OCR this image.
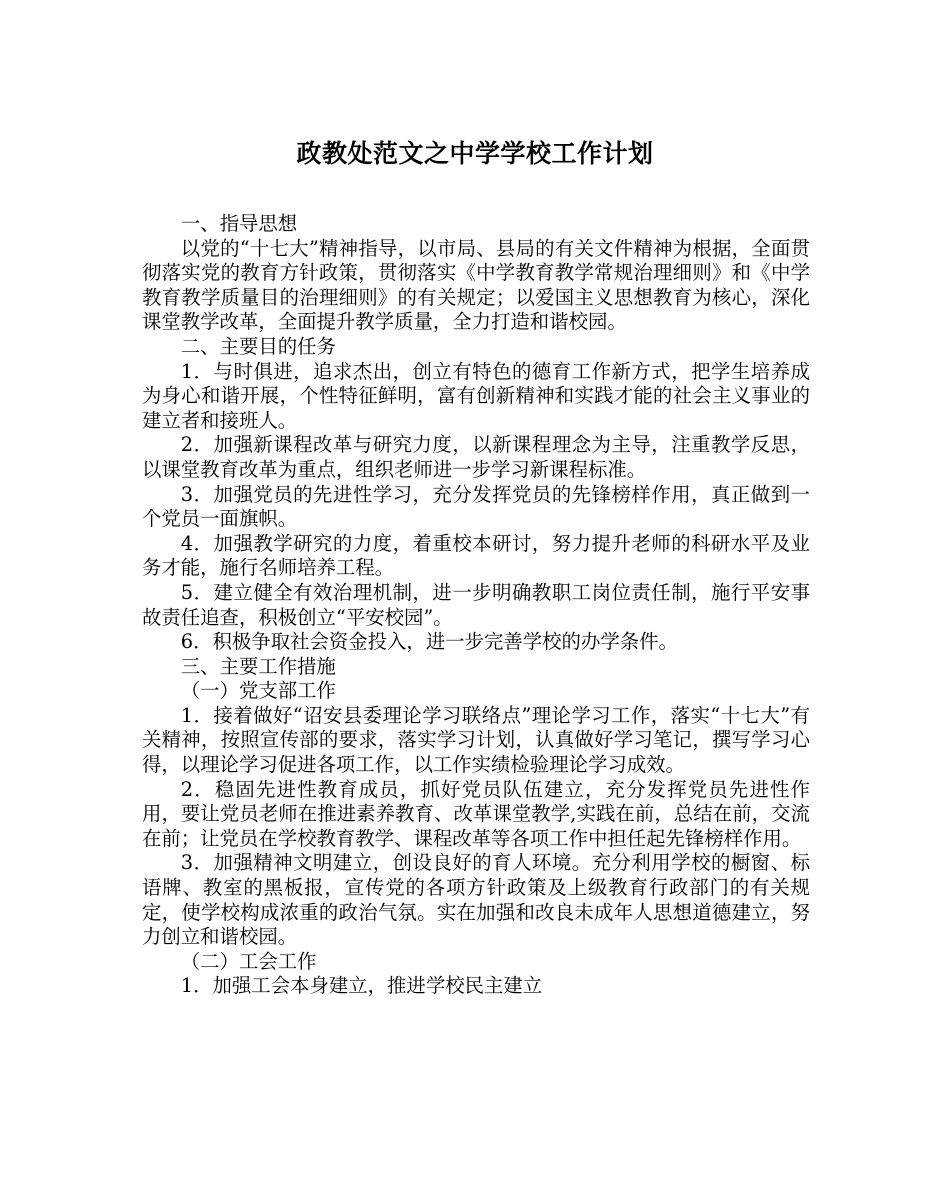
政教处范文之中学学校工作计划

一、指导思想

以党的“十七大”精神指导，以市局、县局的有关文件精神为根据，全面贯彻落实党的教育方针政策，贯彻落实《中学教育教学常规治理细则》和《中学教育教学质量目的治理细则》的有关规定；以爱国主义思想教育为核心，深化课堂教学改革，全面提升教学质量，全力打造和谐校园。

二、主要目的任务

1．与时俱进，追求杰出，创立有特色的德育工作新方式，把学生培养成为身心和谐开展，个性特征鲜明，富有创新精神和实践才能的社会主义事业的建立者和接班人。

2．加强新课程改革与研究力度，以新课程理念为主导，注重教学反思，以课堂教育改革为重点，组织老师进一步学习新课程标准。

3．加强党员的先进性学习，充分发挥党员的先锋榜样作用，真正做到一个党员一面旗帜。

4．加强教学研究的力度，着重校本研讨，努力提升老师的科研水平及业务才能，施行名师培养工程。

5．建立健全有效治理机制，进一步明确教职工岗位责任制，施行平安事故责任追查，积极创立“平安校园”。

6．积极争取社会资金投入，进一步完善学校的办学条件。

三、主要工作措施

（一）党支部工作

1．接着做好“诏安县委理论学习联络点”理论学习工作，落实“十七大”有关精神，按照宣传部的要求，落实学习计划，认真做好学习笔记，撰写学习心得，以理论学习促进各项工作，以工作实绩检验理论学习成效。

2．稳固先进性教育成员，抓好党员队伍建立，充分发挥党员先进性作用，要让党员老师在推进素养教育、改革课堂教学,实践在前，总结在前，交流在前；让党员在学校教育教学、课程改革等各项工作中担任起先锋榜样作用。

3．加强精神文明建立，创设良好的育人环境。充分利用学校的橱窗、标语牌、教室的黑板报，宣传党的各项方针政策及上级教育行政部门的有关规定，使学校构成浓重的政治气氛。实在加强和改良未成年人思想道德建立，努力创立和谐校园。

（二）工会工作

1．加强工会本身建立，推进学校民主建立
